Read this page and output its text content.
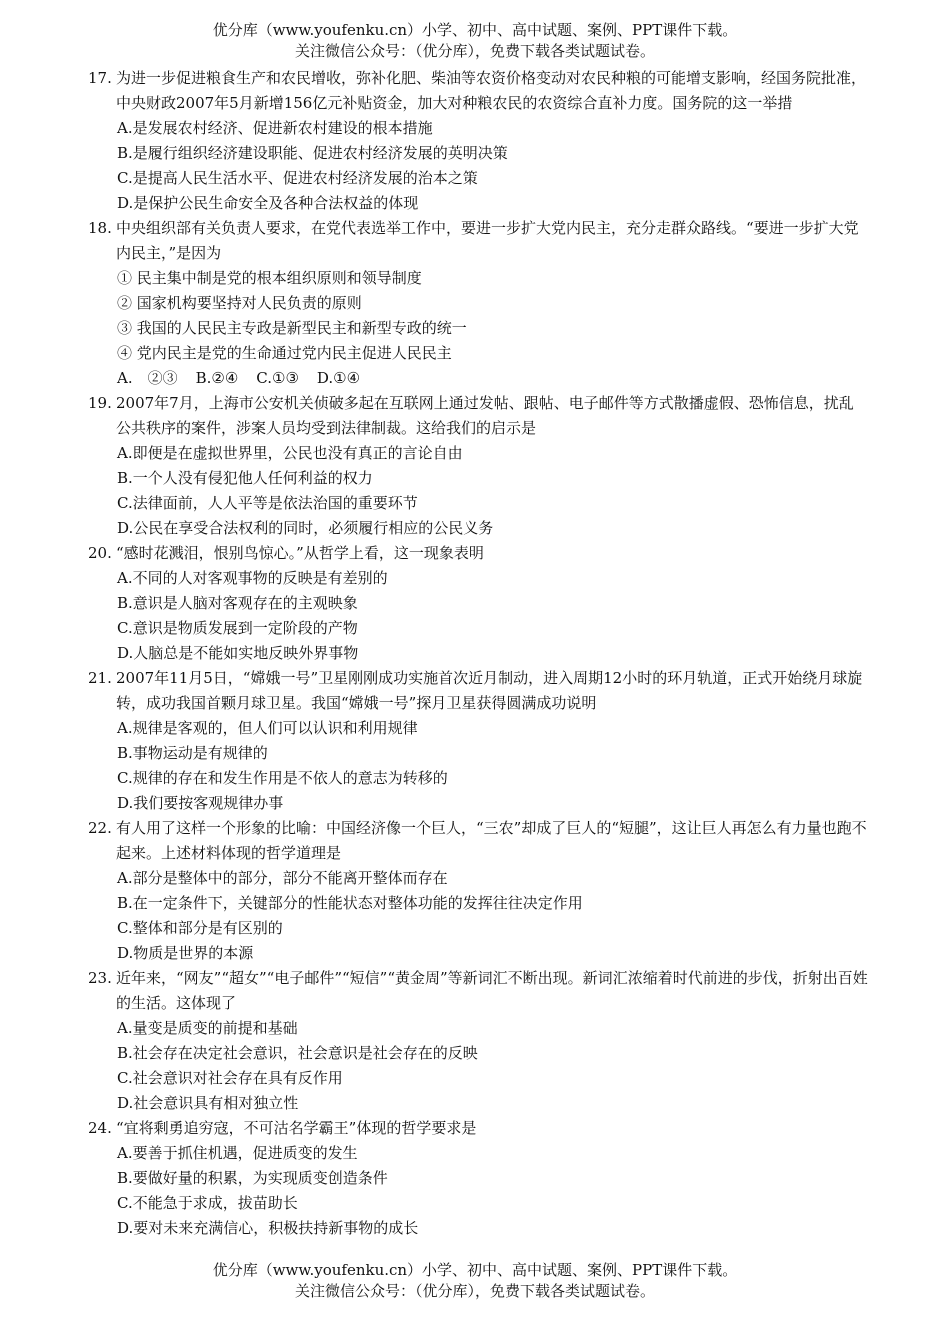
优分库（www.youfenku.cn）小学、初中、高中试题、案例、PPT课件下载。
关注微信公众号：（优分库），免费下载各类试题试卷。
17. 为进一步促进粮食生产和农民增收，弥补化肥、柴油等农资价格变动对农民种粮的可能增支影响，经国务院批准，中央财政2007年5月新增156亿元补贴资金，加大对种粮农民的农资综合直补力度。国务院的这一举措
A.是发展农村经济、促进新农村建设的根本措施
B.是履行组织经济建设职能、促进农村经济发展的英明决策
C.是提高人民生活水平、促进农村经济发展的治本之策
D.是保护公民生命安全及各种合法权益的体现
18. 中央组织部有关负责人要求，在党代表选举工作中，要进一步扩大党内民主，充分走群众路线。“要进一步扩大党内民主，”是因为
① 民主集中制是党的根本组织原则和领导制度
② 国家机构要坚持对人民负责的原则
③ 我国的人民民主专政是新型民主和新型专政的统一
④ 党内民主是党的生命通过党内民主促进人民民主
A.　②③ B.②④ C.①③ D.①④
19. 2007年7月，上海市公安机关侦破多起在互联网上通过发帖、跟帖、电子邮件等方式散播虚假、恐怖信息，扰乱公共秩序的案件，涉案人员均受到法律制裁。这给我们的启示是
A.即便是在虚拟世界里，公民也没有真正的言论自由
B.一个人没有侵犯他人任何利益的权力
C.法律面前，人人平等是依法治国的重要环节
D.公民在享受合法权利的同时，必须履行相应的公民义务
20. “感时花溅泪，恨别鸟惊心。”从哲学上看，这一现象表明
A.不同的人对客观事物的反映是有差别的
B.意识是人脑对客观存在的主观映象
C.意识是物质发展到一定阶段的产物
D.人脑总是不能如实地反映外界事物
21. 2007年11月5日，“嫦娥一号”卫星刚刚成功实施首次近月制动，进入周期12小时的环月轨道，正式开始绕月球旋转，成功我国首颗月球卫星。我国“嫦娥一号”探月卫星获得圆满成功说明
A.规律是客观的，但人们可以认识和利用规律
B.事物运动是有规律的
C.规律的存在和发生作用是不依人的意志为转移的
D.我们要按客观规律办事
22. 有人用了这样一个形象的比喻：中国经济像一个巨人，“三农”却成了巨人的“短腿”，这让巨人再怎么有力量也跑不起来。上述材料体现的哲学道理是
A.部分是整体中的部分，部分不能离开整体而存在
B.在一定条件下，关键部分的性能状态对整体功能的发挥往往决定作用
C.整体和部分是有区别的
D.物质是世界的本源
23. 近年来，“网友”“超女”“电子邮件”“短信”“黄金周”等新词汇不断出现。新词汇浓缩着时代前进的步伐，折射出百姓的生活。这体现了
A.量变是质变的前提和基础
B.社会存在决定社会意识，社会意识是社会存在的反映
C.社会意识对社会存在具有反作用
D.社会意识具有相对独立性
24. “宜将剩勇追穷寇，不可沽名学霸王”体现的哲学要求是
A.要善于抓住机遇，促进质变的发生
B.要做好量的积累，为实现质变创造条件
C.不能急于求成，拔苗助长
D.要对未来充满信心，积极扶持新事物的成长
优分库（www.youfenku.cn）小学、初中、高中试题、案例、PPT课件下载。
关注微信公众号：（优分库），免费下载各类试题试卷。
